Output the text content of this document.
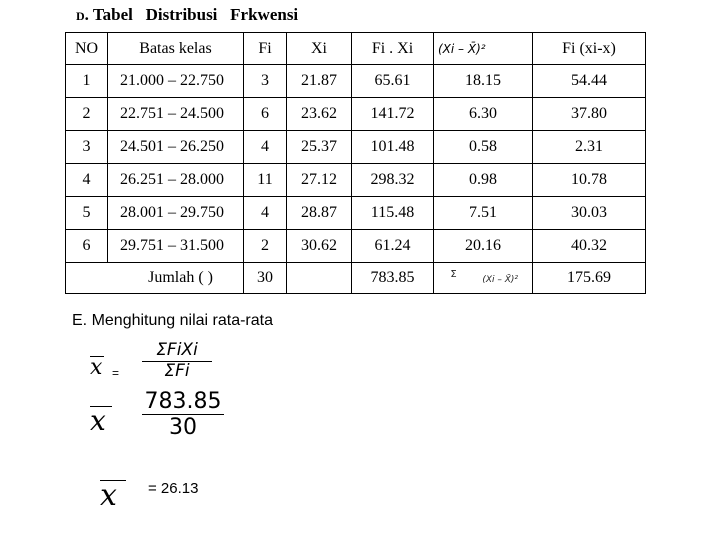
D. Tabel   Distribusi   Frkwensi
NO	Batas kelas	Fi	Xi	Fi . Xi	(Xi – X̄)²	Fi (xi-x)
1	21.000 – 22.750	3	21.87	65.61	18.15	54.44
2	22.751 – 24.500	6	23.62	141.72	6.30	37.80
3	24.501 – 26.250	4	25.37	101.48	0.58	2.31
4	26.251 – 28.000	11	27.12	298.32	0.98	10.78
5	28.001 – 29.750	4	28.87	115.48	7.51	30.03
6	29.751 – 31.500	2	30.62	61.24	20.16	40.32
Jumlah ( )		30		783.85	Σ (Xi – X̄)²	175.69
E. Menghitung nilai rata-rata
x =
ΣFiXi
ΣFi
x
783.85
30
x	= 26.13
